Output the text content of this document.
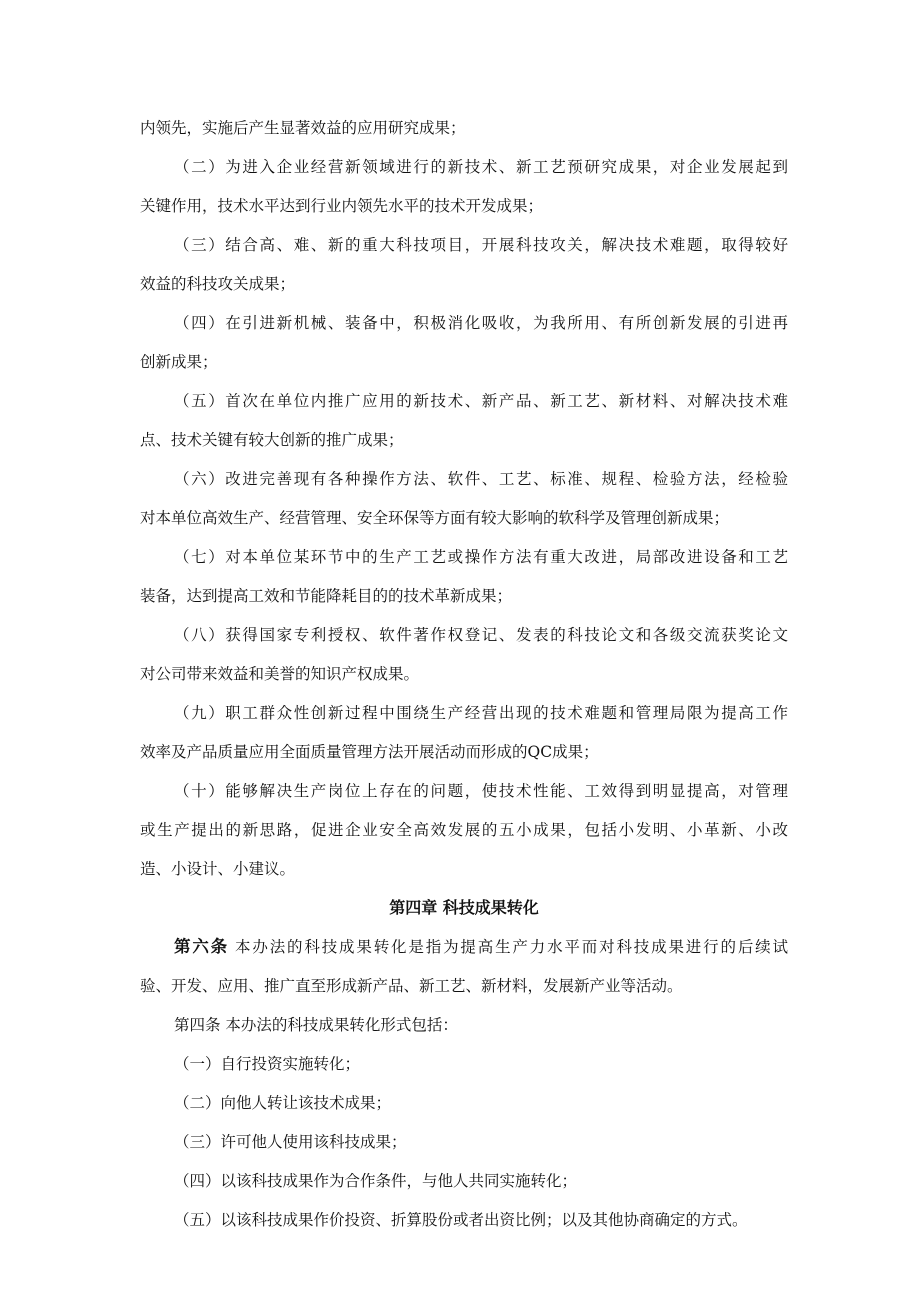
内领先，实施后产生显著效益的应用研究成果；
（二）为进入企业经营新领域进行的新技术、新工艺预研究成果，对企业发展起到
关键作用，技术水平达到行业内领先水平的技术开发成果；
（三）结合高、难、新的重大科技项目，开展科技攻关，解决技术难题，取得较好
效益的科技攻关成果；
（四）在引进新机械、装备中，积极消化吸收，为我所用、有所创新发展的引进再
创新成果；
（五）首次在单位内推广应用的新技术、新产品、新工艺、新材料、对解决技术难
点、技术关键有较大创新的推广成果；
（六）改进完善现有各种操作方法、软件、工艺、标准、规程、检验方法，经检验
对本单位高效生产、经营管理、安全环保等方面有较大影响的软科学及管理创新成果；
（七）对本单位某环节中的生产工艺或操作方法有重大改进，局部改进设备和工艺
装备，达到提高工效和节能降耗目的的技术革新成果；
（八）获得国家专利授权、软件著作权登记、发表的科技论文和各级交流获奖论文
对公司带来效益和美誉的知识产权成果。
（九）职工群众性创新过程中围绕生产经营出现的技术难题和管理局限为提高工作
效率及产品质量应用全面质量管理方法开展活动而形成的QC成果；
（十）能够解决生产岗位上存在的问题，使技术性能、工效得到明显提高，对管理
或生产提出的新思路，促进企业安全高效发展的五小成果，包括小发明、小革新、小改
造、小设计、小建议。
第四章 科技成果转化
第六条 本办法的科技成果转化是指为提高生产力水平而对科技成果进行的后续试
验、开发、应用、推广直至形成新产品、新工艺、新材料，发展新产业等活动。
第四条 本办法的科技成果转化形式包括：
（一）自行投资实施转化；
（二）向他人转让该技术成果；
（三）许可他人使用该科技成果；
（四）以该科技成果作为合作条件，与他人共同实施转化；
（五）以该科技成果作价投资、折算股份或者出资比例；以及其他协商确定的方式。
